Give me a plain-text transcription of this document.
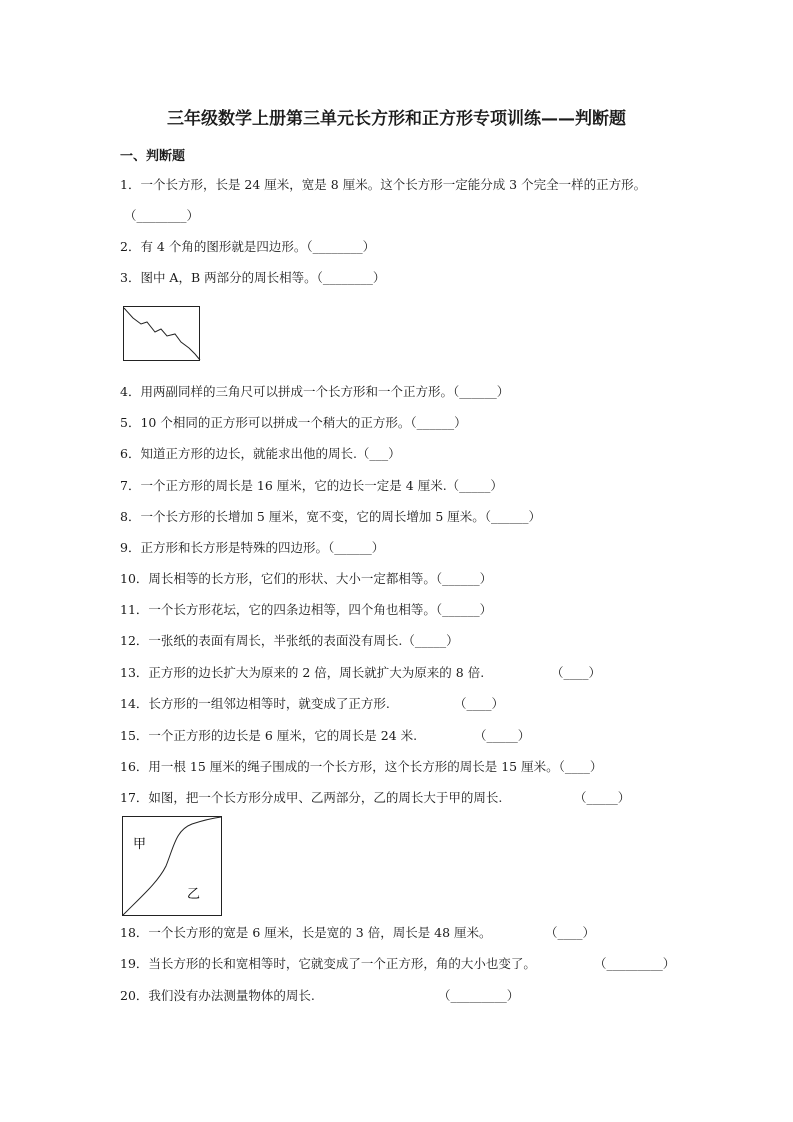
三年级数学上册第三单元长方形和正方形专项训练——判断题
一、判断题
1．一个长方形，长是 24 厘米，宽是 8 厘米。这个长方形一定能分成 3 个完全一样的正方形。
（________）
2．有 4 个角的图形就是四边形。（________）
3．图中 A，B 两部分的周长相等。（________）
4．用两副同样的三角尺可以拼成一个长方形和一个正方形。（______）
5．10 个相同的正方形可以拼成一个稍大的正方形。（______）
6．知道正方形的边长，就能求出他的周长.（___）
7．一个正方形的周长是 16 厘米，它的边长一定是 4 厘米.（_____）
8．一个长方形的长增加 5 厘米，宽不变，它的周长增加 5 厘米。（______）
9．正方形和长方形是特殊的四边形。（______）
10．周长相等的长方形，它们的形状、大小一定都相等。（______）
11．一个长方形花坛，它的四条边相等，四个角也相等。（______）
12．一张纸的表面有周长，半张纸的表面没有周长.（_____）
13．正方形的边长扩大为原来的 2 倍，周长就扩大为原来的 8 倍.	（____）
14．长方形的一组邻边相等时，就变成了正方形.	（____）
15．一个正方形的边长是 6 厘米，它的周长是 24 米.	（_____）
16．用一根 15 厘米的绳子围成的一个长方形，这个长方形的周长是 15 厘米。（____）
17．如图，把一个长方形分成甲、乙两部分，乙的周长大于甲的周长.	（_____）
甲
乙
18．一个长方形的宽是 6 厘米，长是宽的 3 倍，周长是 48 厘米。	（____）
19．当长方形的长和宽相等时，它就变成了一个正方形，角的大小也变了。	（_________）
20．我们没有办法测量物体的周长.	（_________）
